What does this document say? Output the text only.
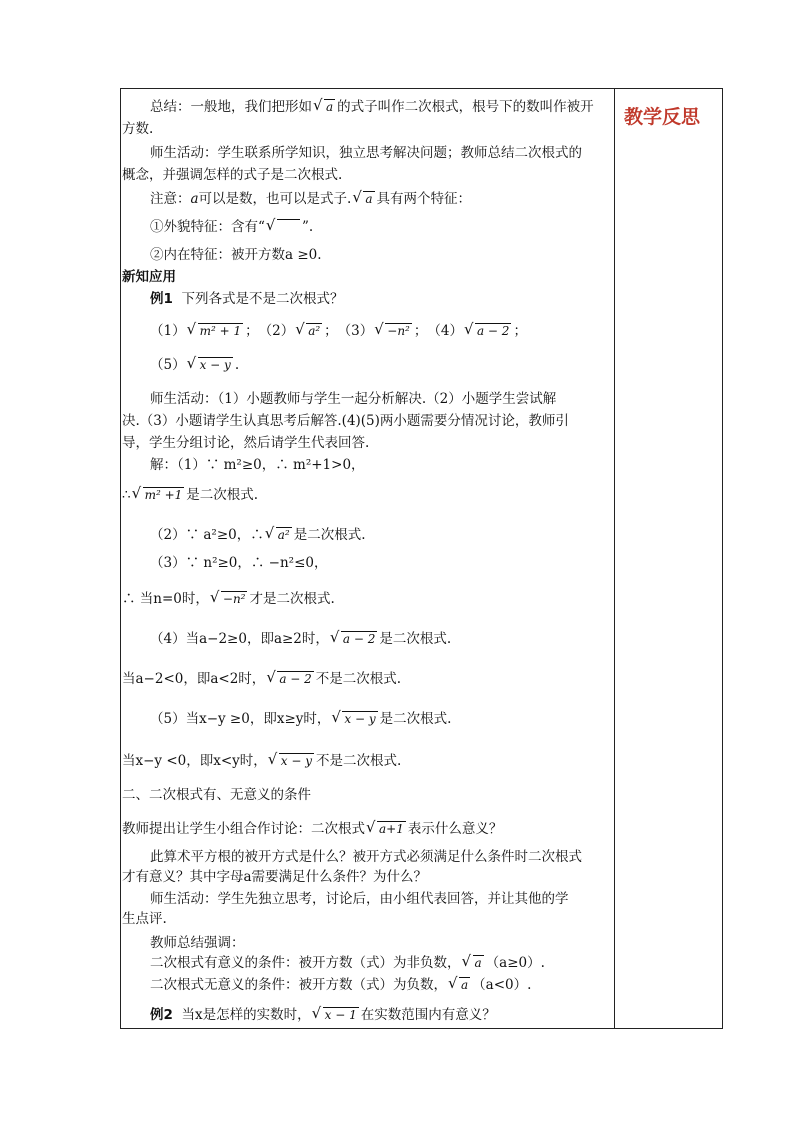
教学反思
总结：一般地，我们把形如 √ a 的式子叫作二次根式，根号下的数叫作被开
方数.
师生活动：学生联系所学知识，独立思考解决问题；教师总结二次根式的
概念，并强调怎样的式子是二次根式.
注意：a可以是数，也可以是式子. √ a 具有两个特征：
①外貌特征：含有“ √	”.
②内在特征：被开方数a ≥0.
新知应用
例1 下列各式是不是二次根式？
（1） √ m² + 1 ；　（2） √ a² ；　（3） √ −n² ；　（4） √ a − 2 ；
（5） √ x − y .
师生活动：（1）小题教师与学生一起分析解决.（2）小题学生尝试解
决.（3）小题请学生认真思考后解答.(4)(5)两小题需要分情况讨论，教师引
导，学生分组讨论，然后请学生代表回答.
解：（1）∵ m²≥0，∴ m²+1>0，
∴ √ m² +1 是二次根式.
（2）∵ a²≥0，∴ √ a² 是二次根式.
（3）∵ n²≥0，∴ −n²≤0，
∴ 当n=0时， √ −n² 才是二次根式.
（4）当a−2≥0，即a≥2时， √ a − 2 是二次根式.
当a−2<0，即a<2时， √ a − 2 不是二次根式.
（5）当x−y ≥0，即x≥y时， √ x − y 是二次根式.
当x−y <0，即x<y时， √ x − y 不是二次根式.
二、二次根式有、无意义的条件
教师提出让学生小组合作讨论：二次根式 √ a+1 表示什么意义？
此算术平方根的被开方式是什么？被开方式必须满足什么条件时二次根式
才有意义？其中字母a需要满足什么条件？为什么？
师生活动：学生先独立思考，讨论后，由小组代表回答，并让其他的学
生点评.
教师总结强调：
二次根式有意义的条件：被开方数（式）为非负数， √ a （a≥0）.
二次根式无意义的条件：被开方数（式）为负数， √ a （a<0）.
例2 当x是怎样的实数时， √ x − 1 在实数范围内有意义？
